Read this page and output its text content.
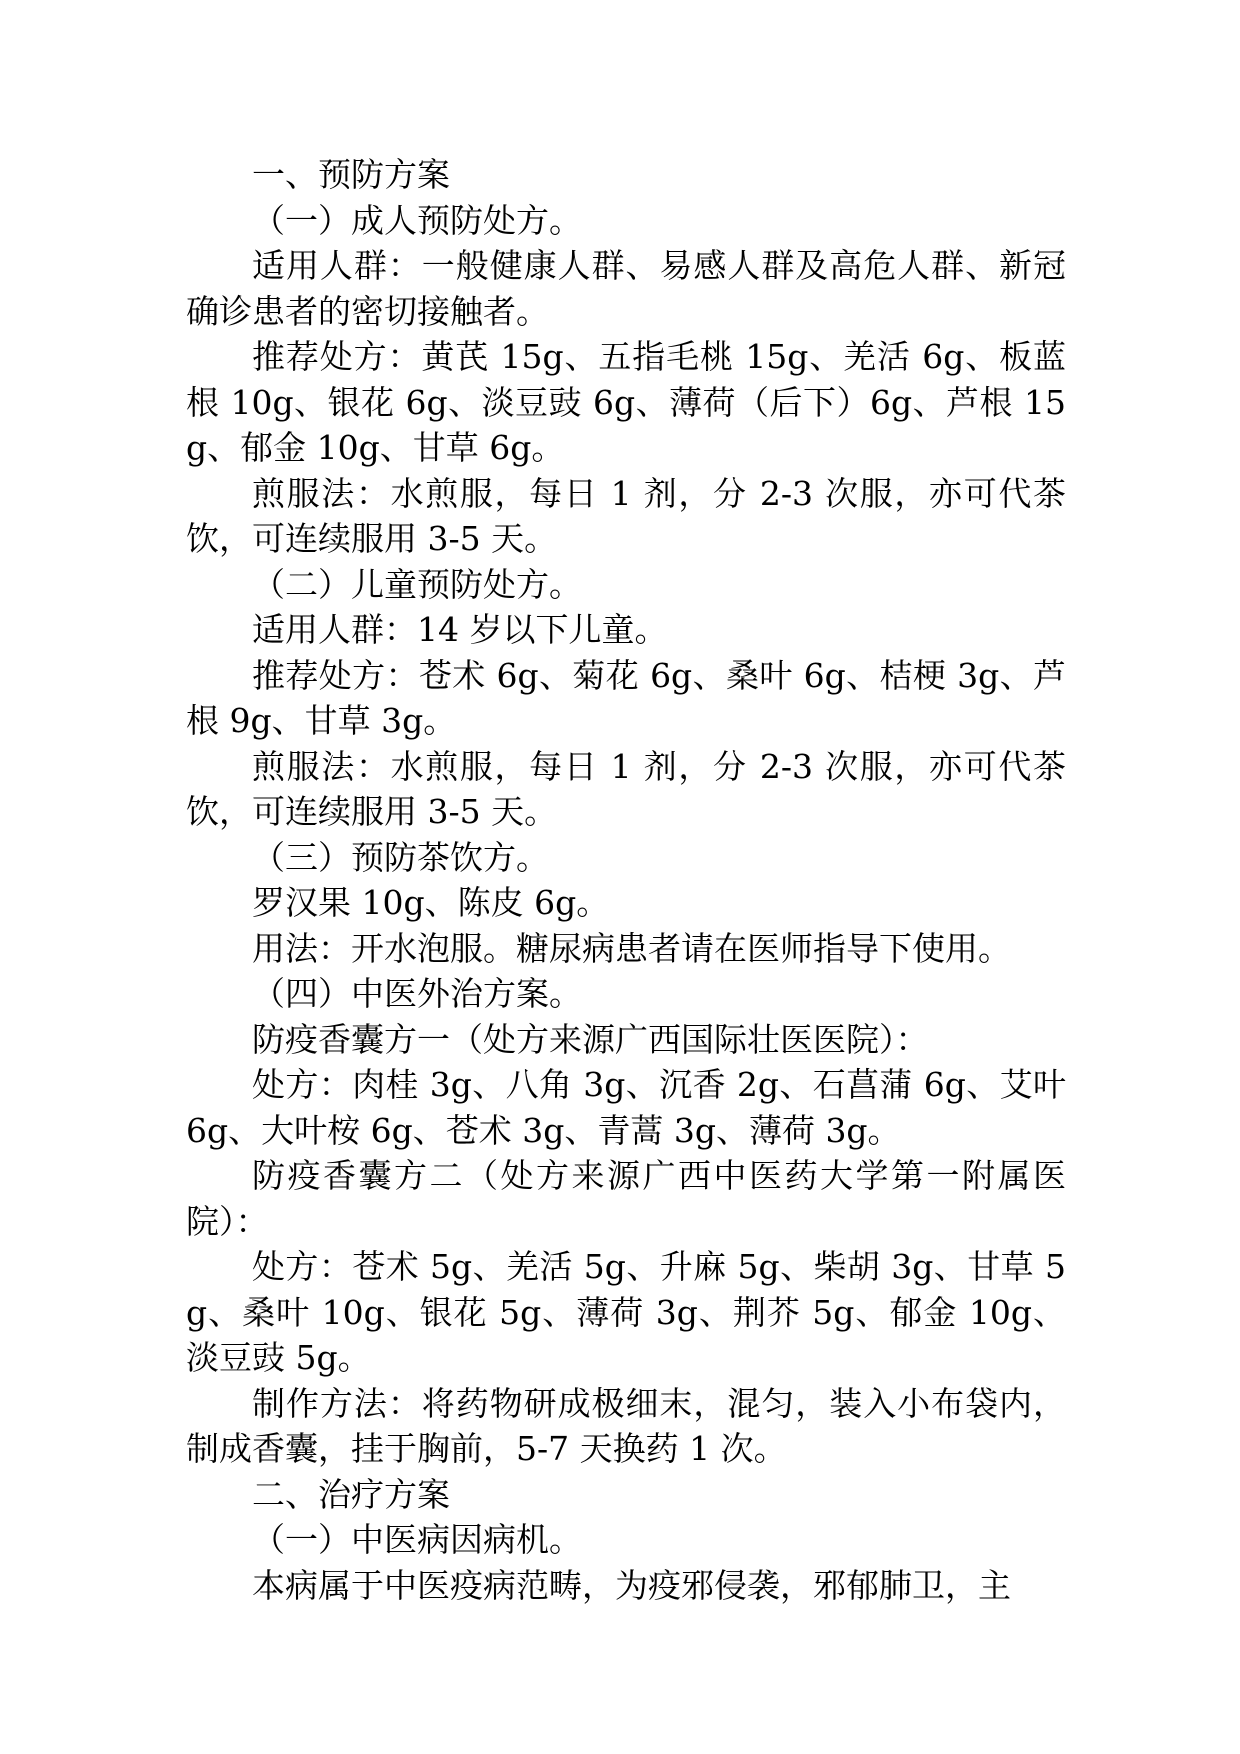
一、预防方案

（一）成人预防处方。

适用人群：一般健康人群、易感人群及高危人群、新冠确诊患者的密切接触者。

推荐处方：黄芪 15g、五指毛桃 15g、羌活 6g、板蓝根 10g、银花 6g、淡豆豉 6g、薄荷（后下）6g、芦根 15g、郁金 10g、甘草 6g。

煎服法：水煎服，每日 1 剂，分 2-3 次服，亦可代茶饮，可连续服用 3-5 天。

（二）儿童预防处方。

适用人群：14 岁以下儿童。

推荐处方：苍术 6g、菊花 6g、桑叶 6g、桔梗 3g、芦根 9g、甘草 3g。

煎服法：水煎服，每日 1 剂，分 2-3 次服，亦可代茶饮，可连续服用 3-5 天。

（三）预防茶饮方。

罗汉果 10g、陈皮 6g。

用法：开水泡服。糖尿病患者请在医师指导下使用。

（四）中医外治方案。

防疫香囊方一（处方来源广西国际壮医医院）：

处方：肉桂 3g、八角 3g、沉香 2g、石菖蒲 6g、艾叶 6g、大叶桉 6g、苍术 3g、青蒿 3g、薄荷 3g。

防疫香囊方二（处方来源广西中医药大学第一附属医院）：

处方：苍术 5g、羌活 5g、升麻 5g、柴胡 3g、甘草 5g、桑叶 10g、银花 5g、薄荷 3g、荆芥 5g、郁金 10g、淡豆豉 5g。

制作方法：将药物研成极细末，混匀，装入小布袋内，制成香囊，挂于胸前，5-7 天换药 1 次。

二、治疗方案

（一）中医病因病机。

本病属于中医疫病范畴，为疫邪侵袭，邪郁肺卫，主
